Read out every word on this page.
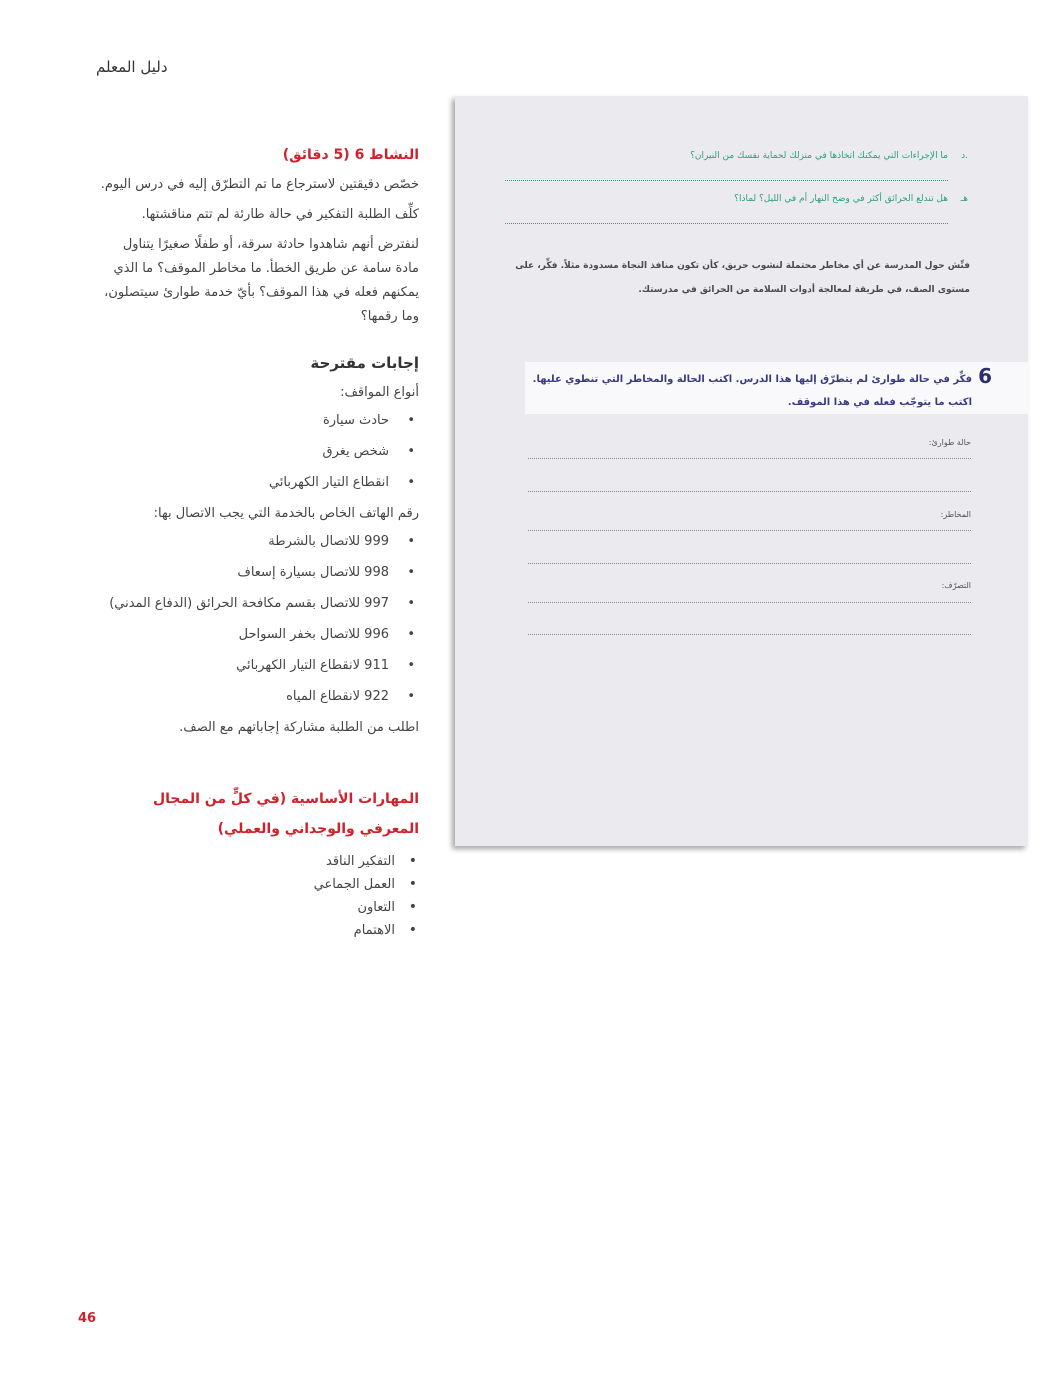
دليل المعلم

النشاط 6 (5 دقائق)

خصّص دقيقتين لاسترجاع ما تم التطرّق إليه في درس اليوم.

كلِّف الطلبة التفكير في حالة طارئة لم تتم مناقشتها.

لنفترض أنهم شاهدوا حادثة سرقة، أو طفلًا صغيرًا يتناول مادة سامة عن طريق الخطأ. ما مخاطر الموقف؟ ما الذي يمكنهم فعله في هذا الموقف؟ بأيّ خدمة طوارئ سيتصلون، وما رقمها؟

إجابات مقترحة

أنواع المواقف:

•
حادث سيارة
•
شخص يغرق
•
انقطاع التيار الكهربائي

رقم الهاتف الخاص بالخدمة التي يجب الاتصال بها:

•
999 للاتصال بالشرطة
•
998 للاتصال بسيارة إسعاف
•
997 للاتصال بقسم مكافحة الحرائق (الدفاع المدني)
•
996 للاتصال بخفر السواحل
•
911 لانقطاع التيار الكهربائي
•
922 لانقطاع المياه

اطلب من الطلبة مشاركة إجاباتهم مع الصف.

المهارات الأساسية (في كلٍّ من المجال المعرفي والوجداني والعملي)

•
التفكير الناقد
•
العمل الجماعي
•
التعاون
•
الاهتمام
د.
ما الإجراءات التي يمكنك اتخاذها في منزلك لحماية نفسك من النيران؟
هـ
هل تندلع الحرائق أكثر في وضح النهار أم في الليل؟ لماذا؟
فتِّش حول المدرسة عن أي مخاطر محتملة لنشوب حريق، كأن تكون منافذ النجاة مسدودة مثلاً. فكِّر، على مستوى الصف، في طريقة لمعالجة أدوات السلامة من الحرائق في مدرستك.
6
فكِّر في حالة طوارئ لم يتطرّق إليها هذا الدرس. اكتب الحالة والمخاطر التي تنطوي عليها. اكتب ما يتوجّب فعله في هذا الموقف.
حالة طوارئ:
المخاطر:
التصرّف:
46
